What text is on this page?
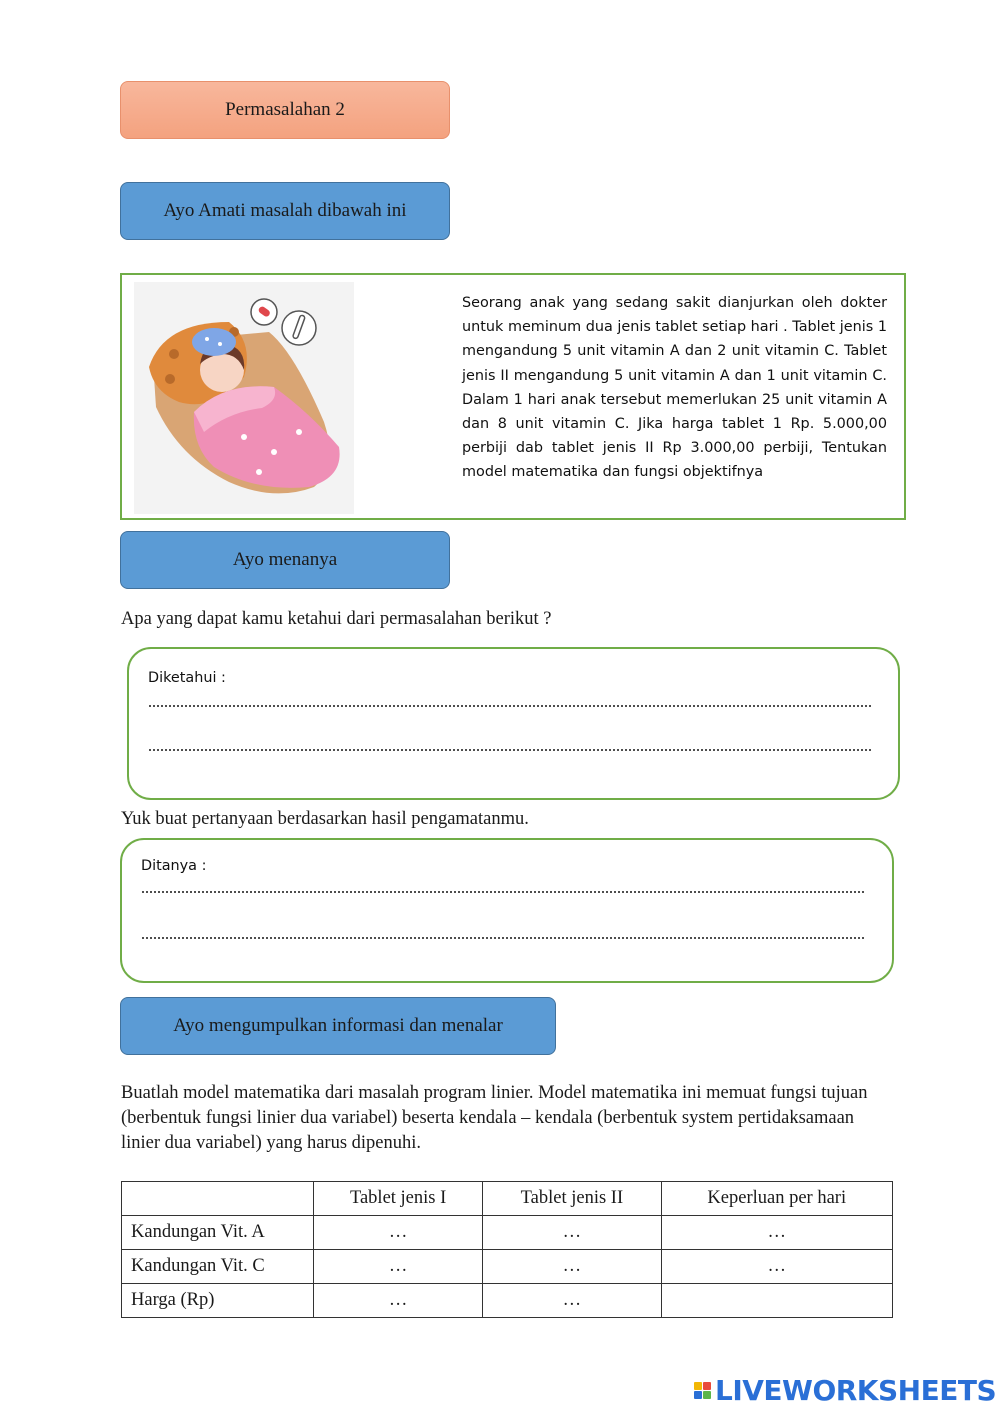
Permasalahan 2
Ayo Amati masalah dibawah ini
Seorang anak yang sedang sakit dianjurkan oleh dokter untuk meminum dua jenis tablet setiap hari . Tablet jenis 1 mengandung 5 unit vitamin A dan 2 unit vitamin C. Tablet jenis II mengandung 5 unit vitamin A dan 1 unit vitamin C. Dalam 1 hari anak tersebut memerlukan 25 unit vitamin A dan 8 unit vitamin C. Jika harga tablet 1 Rp. 5.000,00 perbiji dab tablet jenis II Rp 3.000,00 perbiji, Tentukan model matematika dan fungsi objektifnya
Ayo menanya
Apa yang dapat kamu ketahui dari permasalahan berikut ?
Diketahui :
Yuk buat pertanyaan berdasarkan hasil pengamatanmu.
Ditanya :
Ayo mengumpulkan informasi dan menalar
Buatlah model matematika dari masalah program linier. Model matematika ini memuat fungsi tujuan (berbentuk fungsi linier dua variabel) beserta kendala – kendala (berbentuk system pertidaksamaan linier dua variabel) yang harus dipenuhi.
	Tablet jenis I	Tablet jenis II	Keperluan per hari
Kandungan Vit. A	…	…	…
Kandungan Vit. C	…	…	…
Harga (Rp)	…	…	
LIVEWORKSHEETS
